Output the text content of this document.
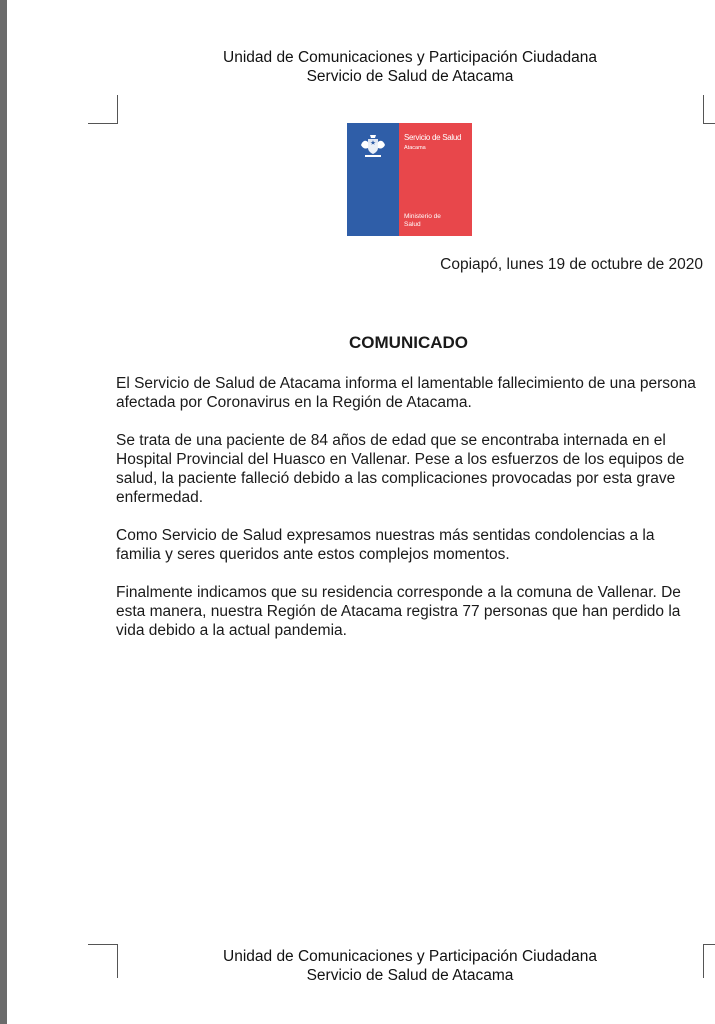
Unidad de Comunicaciones y Participación Ciudadana
Servicio de Salud de Atacama
Servicio de Salud
Atacama
Ministerio de
Salud
Copiapó, lunes 19 de octubre de 2020
COMUNICADO

El Servicio de Salud de Atacama informa el lamentable fallecimiento de una persona afectada por Coronavirus en la Región de Atacama.

Se trata de una paciente de 84 años de edad que se encontraba internada en el Hospital Provincial del Huasco en Vallenar. Pese a los esfuerzos de los equipos de salud, la paciente falleció debido a las complicaciones provocadas por esta grave enfermedad.

Como Servicio de Salud expresamos nuestras más sentidas condolencias a la familia y seres queridos ante estos complejos momentos.

Finalmente indicamos que su residencia corresponde a la comuna de Vallenar. De esta manera, nuestra Región de Atacama registra 77 personas que han perdido la vida debido a la actual pandemia.

Unidad de Comunicaciones y Participación Ciudadana
Servicio de Salud de Atacama
